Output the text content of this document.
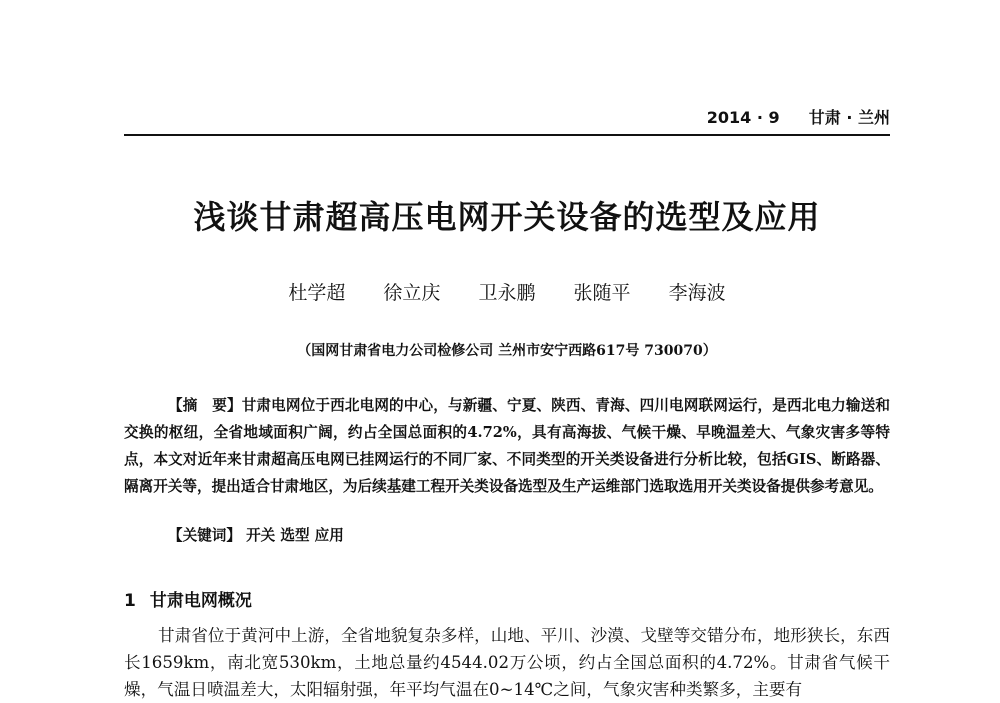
2014 · 9 甘肃 · 兰州
浅谈甘肃超高压电网开关设备的选型及应用
杜学超 徐立庆 卫永鹏 张随平 李海波
（国网甘肃省电力公司检修公司 兰州市安宁西路617号 730070）
【摘　要】甘肃电网位于西北电网的中心，与新疆、宁夏、陕西、青海、四川电网联网运行，是西北电力输送和交换的枢纽，全省地域面积广阔，约占全国总面积的4.72%，具有高海拔、气候干燥、早晚温差大、气象灾害多等特点，本文对近年来甘肃超高压电网已挂网运行的不同厂家、不同类型的开关类设备进行分析比较，包括GIS、断路器、隔离开关等，提出适合甘肃地区，为后续基建工程开关类设备选型及生产运维部门选取选用开关类设备提供参考意见。
【关键词】 开关 选型 应用
1 甘肃电网概况
甘肃省位于黄河中上游，全省地貌复杂多样，山地、平川、沙漠、戈壁等交错分布，地形狭长，东西长1659km，南北宽530km，土地总量约4544.02万公顷，约占全国总面积的4.72%。甘肃省气候干燥，气温日喷温差大，太阳辐射强，年平均气温在0~14℃之间，气象灾害种类繁多，主要有
